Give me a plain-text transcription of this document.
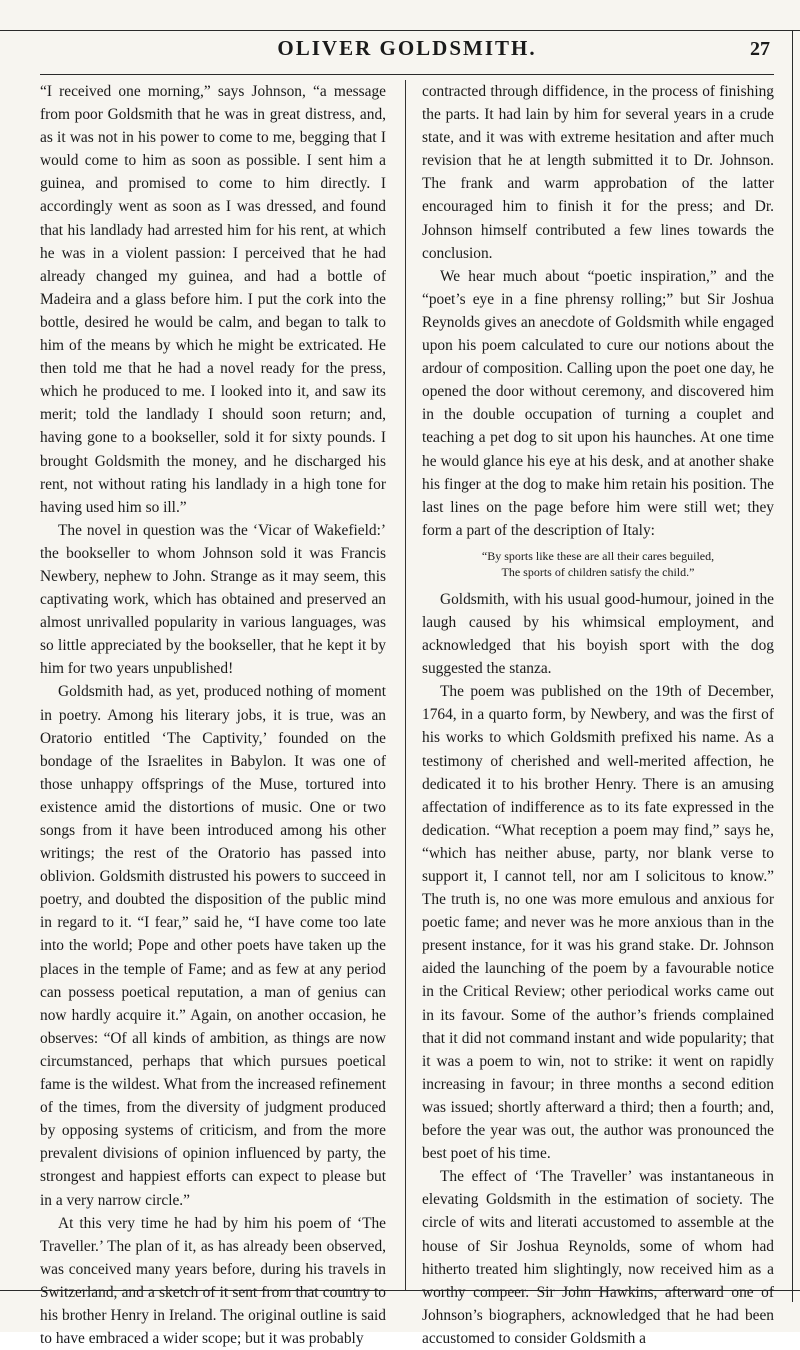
OLIVER GOLDSMITH.	27

“I received one morning,” says Johnson, “a message from poor Goldsmith that he was in great distress, and, as it was not in his power to come to me, begging that I would come to him as soon as possible. I sent him a guinea, and promised to come to him directly. I accordingly went as soon as I was dressed, and found that his landlady had arrested him for his rent, at which he was in a violent passion: I perceived that he had already changed my guinea, and had a bottle of Madeira and a glass before him. I put the cork into the bottle, desired he would be calm, and began to talk to him of the means by which he might be extricated. He then told me that he had a novel ready for the press, which he produced to me. I looked into it, and saw its merit; told the landlady I should soon return; and, having gone to a bookseller, sold it for sixty pounds. I brought Goldsmith the money, and he discharged his rent, not without rating his landlady in a high tone for having used him so ill.”

The novel in question was the ‘Vicar of Wakefield:’ the bookseller to whom Johnson sold it was Francis Newbery, nephew to John. Strange as it may seem, this captivating work, which has obtained and preserved an almost unrivalled popularity in various languages, was so little appreciated by the bookseller, that he kept it by him for two years unpublished!

Goldsmith had, as yet, produced nothing of moment in poetry. Among his literary jobs, it is true, was an Oratorio entitled ‘The Captivity,’ founded on the bondage of the Israelites in Babylon. It was one of those unhappy offsprings of the Muse, tortured into existence amid the distortions of music. One or two songs from it have been introduced among his other writings; the rest of the Oratorio has passed into oblivion. Goldsmith distrusted his powers to succeed in poetry, and doubted the disposition of the public mind in regard to it. “I fear,” said he, “I have come too late into the world; Pope and other poets have taken up the places in the temple of Fame; and as few at any period can possess poetical reputation, a man of genius can now hardly acquire it.” Again, on another occasion, he observes: “Of all kinds of ambition, as things are now circumstanced, perhaps that which pursues poetical fame is the wildest. What from the increased refinement of the times, from the diversity of judgment produced by opposing systems of criticism, and from the more prevalent divisions of opinion influenced by party, the strongest and happiest efforts can expect to please but in a very narrow circle.”

At this very time he had by him his poem of ‘The Traveller.’ The plan of it, as has already been observed, was conceived many years before, during his travels in Switzerland, and a sketch of it sent from that country to his brother Henry in Ireland. The original outline is said to have embraced a wider scope; but it was probably

contracted through diffidence, in the process of finishing the parts. It had lain by him for several years in a crude state, and it was with extreme hesitation and after much revision that he at length submitted it to Dr. Johnson. The frank and warm approbation of the latter encouraged him to finish it for the press; and Dr. Johnson himself contributed a few lines towards the conclusion.

We hear much about “poetic inspiration,” and the “poet’s eye in a fine phrensy rolling;” but Sir Joshua Reynolds gives an anecdote of Goldsmith while engaged upon his poem calculated to cure our notions about the ardour of composition. Calling upon the poet one day, he opened the door without ceremony, and discovered him in the double occupation of turning a couplet and teaching a pet dog to sit upon his haunches. At one time he would glance his eye at his desk, and at another shake his finger at the dog to make him retain his position. The last lines on the page before him were still wet; they form a part of the description of Italy:

“By sports like these are all their cares beguiled,
The sports of children satisfy the child.”

Goldsmith, with his usual good-humour, joined in the laugh caused by his whimsical employment, and acknowledged that his boyish sport with the dog suggested the stanza.

The poem was published on the 19th of December, 1764, in a quarto form, by Newbery, and was the first of his works to which Goldsmith prefixed his name. As a testimony of cherished and well-merited affection, he dedicated it to his brother Henry. There is an amusing affectation of indifference as to its fate expressed in the dedication. “What reception a poem may find,” says he, “which has neither abuse, party, nor blank verse to support it, I cannot tell, nor am I solicitous to know.” The truth is, no one was more emulous and anxious for poetic fame; and never was he more anxious than in the present instance, for it was his grand stake. Dr. Johnson aided the launching of the poem by a favourable notice in the Critical Review; other periodical works came out in its favour. Some of the author’s friends complained that it did not command instant and wide popularity; that it was a poem to win, not to strike: it went on rapidly increasing in favour; in three months a second edition was issued; shortly afterward a third; then a fourth; and, before the year was out, the author was pronounced the best poet of his time.

The effect of ‘The Traveller’ was instantaneous in elevating Goldsmith in the estimation of society. The circle of wits and literati accustomed to assemble at the house of Sir Joshua Reynolds, some of whom had hitherto treated him slightingly, now received him as a worthy compeer. Sir John Hawkins, afterward one of Johnson’s biographers, acknowledged that he had been accustomed to consider Goldsmith a
